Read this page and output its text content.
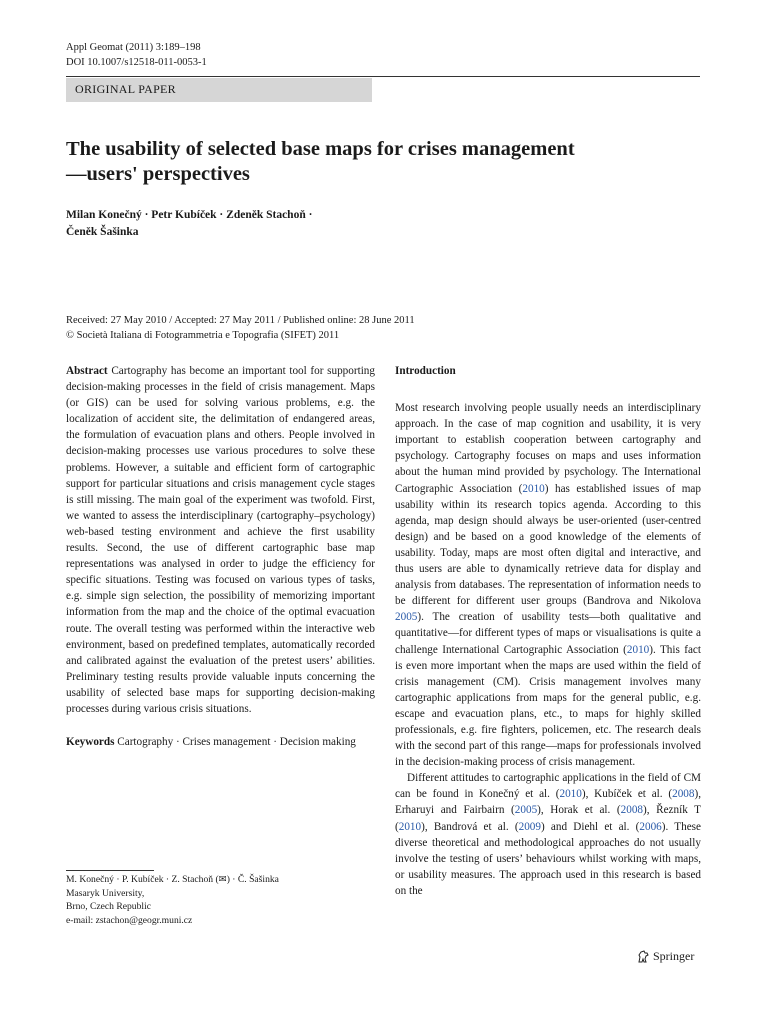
Appl Geomat (2011) 3:189–198
DOI 10.1007/s12518-011-0053-1
ORIGINAL PAPER
The usability of selected base maps for crises management—users' perspectives
Milan Konečný · Petr Kubíček · Zdeněk Stachoň ·
Čeněk Šašinka
Received: 27 May 2010 / Accepted: 27 May 2011 / Published online: 28 June 2011
© Società Italiana di Fotogrammetria e Topografia (SIFET) 2011

Abstract Cartography has become an important tool for supporting decision-making processes in the field of crisis management. Maps (or GIS) can be used for solving various problems, e.g. the localization of accident site, the delimitation of endangered areas, the formulation of evacuation plans and others. People involved in decision-making processes use various procedures to solve these problems. However, a suitable and efficient form of cartographic support for particular situations and crisis management cycle stages is still missing. The main goal of the experiment was twofold. First, we wanted to assess the interdisciplinary (cartography–psychology) web-based testing environment and achieve the first usability results. Second, the use of different cartographic base map representations was analysed in order to judge the efficiency for specific situations. Testing was focused on various types of tasks, e.g. simple sign selection, the possibility of memorizing important information from the map and the choice of the optimal evacuation route. The overall testing was performed within the interactive web environment, based on predefined templates, automatically recorded and calibrated against the evaluation of the pretest users’ abilities. Preliminary testing results provide valuable inputs concerning the usability of selected base maps for supporting decision-making processes during various crisis situations.

Keywords Cartography · Crises management · Decision making

M. Konečný · P. Kubíček · Z. Stachoň (✉) · Č. Šašinka
Masaryk University,
Brno, Czech Republic
e-mail: zstachon@geogr.muni.cz

Introduction

Most research involving people usually needs an interdisciplinary approach. In the case of map cognition and usability, it is very important to establish cooperation between cartography and psychology. Cartography focuses on maps and uses information about the human mind provided by psychology. The International Cartographic Association (2010) has established issues of map usability within its research topics agenda. According to this agenda, map design should always be user-oriented (user-centred design) and be based on a good knowledge of the elements of usability. Today, maps are most often digital and interactive, and thus users are able to dynamically retrieve data for display and analysis from databases. The representation of information needs to be different for different user groups (Bandrova and Nikolova 2005). The creation of usability tests—both qualitative and quantitative—for different types of maps or visualisations is quite a challenge International Cartographic Association (2010). This fact is even more important when the maps are used within the field of crisis management (CM). Crisis management involves many cartographic applications from maps for the general public, e.g. escape and evacuation plans, etc., to maps for highly skilled professionals, e.g. fire fighters, policemen, etc. The research deals with the second part of this range—maps for professionals involved in the decision-making process of crisis management.

Different attitudes to cartographic applications in the field of CM can be found in Konečný et al. (2010), Kubíček et al. (2008), Erharuyi and Fairbairn (2005), Horak et al. (2008), Řezník T (2010), Bandrová et al. (2009) and Diehl et al. (2006). These diverse theoretical and methodological approaches do not usually involve the testing of users’ behaviours whilst working with maps, or usability measures. The approach used in this research is based on the

Springer
